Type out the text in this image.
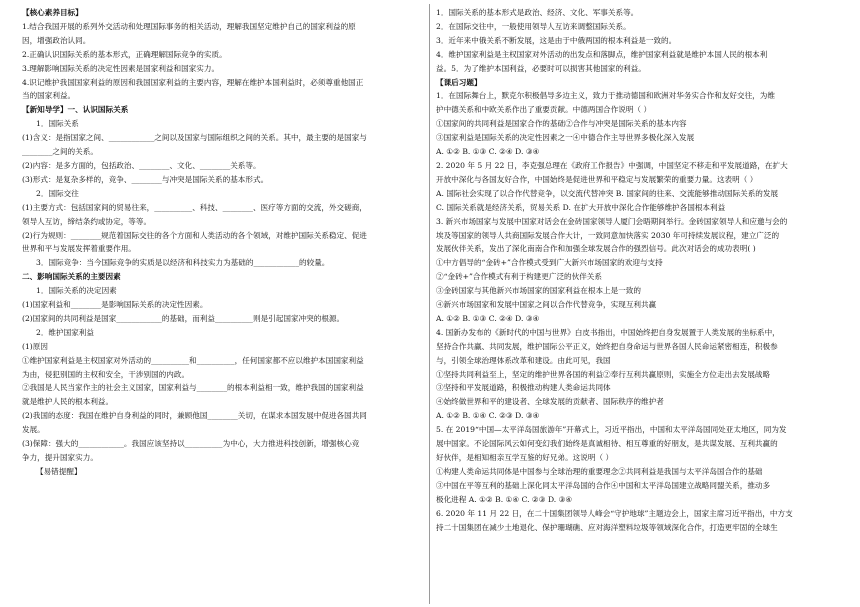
【核心素养目标】
1.结合我国开展的系列外交活动和处理国际事务的相关活动，理解我国坚定维护自己的国家利益的原
因，增强政治认同。
2.正确认识国际关系的基本形式，正确理解国际竞争的实质。
3.理解影响国际关系的决定性因素是国家利益和国家实力。
4.识记维护我国国家利益的原因和我国国家利益的主要内容，理解在维护本国利益时，必须尊重他国正
当的国家利益。
【新知导学】一、认识国际关系
1．国际关系
(1)含义：是指国家之间、____________之间以及国家与国际组织之间的关系。其中，最主要的是国家与
________之间的关系。
(2)内容：是多方面的，包括政治、________、文化、________关系等。
(3)形式：是复杂多样的，竞争、________与冲突是国际关系的基本形式。
2．国际交往
(1)主要方式：包括国家间的贸易往来，__________、科技、________、医疗等方面的交流，外交磋商，
领导人互访，缔结条约或协定，等等。
(2)行为规则：________规范着国际交往的各个方面和人类活动的各个领域，对维护国际关系稳定、促进
世界和平与发展发挥着重要作用。
3．国际竞争：当今国际竞争的实质是以经济和科技实力为基础的____________的较量。
二、影响国际关系的主要因素
1．国际关系的决定因素
(1)国家利益和________是影响国际关系的决定性因素。
(2)国家间的共同利益是国家____________的基础，而利益__________则是引起国家冲突的根源。
2．维护国家利益
(1)原因
①维护国家利益是主权国家对外活动的__________和__________，任何国家都不应以维护本国国家利益
为由，侵犯别国的主权和安全，干涉别国的内政。
②我国是人民当家作主的社会主义国家，国家利益与________的根本利益相一致，维护我国的国家利益
就是维护人民的根本利益。
(2)我国的态度：我国在维护自身利益的同时，兼顾他国________关切，在谋求本国发展中促进各国共同
发展。
(3)保障：强大的____________。我国应该坚持以__________为中心，大力推进科技创新，增强核心竞
争力，提升国家实力。
【易错提醒】
1．国际关系的基本形式是政治、经济、文化、军事关系等。
2．在国际交往中，一般使用领导人互访来调整国际关系。
3．近年来中俄关系不断发展，这是由于中俄两国的根本利益是一致的。
4．维护国家利益是主权国家对外活动的出发点和落脚点，维护国家利益就是维护本国人民的根本利
益。5．为了维护本国利益，必要时可以损害其他国家的利益。
【课后习题】
1．在国际舞台上，默克尔积极倡导多边主义，致力于推动德国和欧洲对华务实合作和友好交往，为维
护中德关系和中欧关系作出了重要贡献。中德两国合作说明（ ）
①国家间的共同利益是国家合作的基础②合作与冲突是国际关系的基本内容
③国家利益是国际关系的决定性因素之一④中德合作主导世界多极化深入发展
A. ①② B. ①③ C. ②④ D. ③④
2. 2020 年 5 月 22 日，李克强总理在《政府工作报告》中强调，中国坚定不移走和平发展道路，在扩大
开放中深化与各国友好合作，中国始终是促进世界和平稳定与发展繁荣的重要力量。这表明（ ）
A. 国际社会实现了以合作代替竞争，以交流代替冲突 B. 国家间的往来、交流能够推动国际关系的发展
C. 国际关系就是经济关系，贸易关系 D. 在扩大开放中深化合作能够维护各国根本利益
3. 新兴市场国家与发展中国家对话会在金砖国家领导人厦门会晤期间举行。金砖国家领导人和应邀与会的
埃及等国家的领导人共商国际发展合作大计，一致同意加快落实 2030 年可持续发展议程，建立广泛的
发展伙伴关系，发出了深化南南合作和加强全球发展合作的强烈信号。此次对话会的成功表明( )
①中方倡导的“金砖+”合作模式受到广大新兴市场国家的欢迎与支持
②“金砖+”合作模式有利于构建更广泛的伙伴关系
③金砖国家与其他新兴市场国家的国家利益在根本上是一致的
④新兴市场国家和发展中国家之间以合作代替竞争，实现互利共赢
A. ①② B. ①③ C. ②④ D. ③④
4. 国新办发布的《新时代的中国与世界》白皮书指出，中国始终把自身发展置于人类发展的坐标系中，
坚持合作共赢、共同发展，维护国际公平正义，始终把自身命运与世界各国人民命运紧密相连，积极参
与，引领全球治理体系改革和建设。由此可见，我国
①坚持共同利益至上，坚定的维护世界各国的利益②奉行互利共赢原则，实施全方位走出去发展战略
③坚持和平发展道路，积极推动构建人类命运共同体
④始终做世界和平的建设者、全球发展的贡献者、国际秩序的维护者
A. ①② B. ①④ C. ②③ D. ③④
5. 在 2019“中国—太平洋岛国旅游年”开幕式上，习近平指出，中国和太平洋岛国同处亚太地区，同为发
展中国家。不论国际风云如何变幻我们始终是真诚相待、相互尊重的好朋友，是共谋发展、互利共赢的
好伙伴，是相知相亲互学互鉴的好兄弟。这说明（ ）
①构建人类命运共同体是中国参与全球治理的重要理念②共同利益是我国与太平洋岛国合作的基础
③中国在平等互利的基础上深化同太平洋岛国的合作④中国和太平洋岛国建立战略同盟关系，推动多
极化进程 A. ①② B. ①④ C. ②③ D. ③④
6. 2020 年 11 月 22 日，在二十国集团领导人峰会“守护地球”主题边会上，国家主席习近平指出，中方支
持二十国集团在减少土地退化、保护珊瑚礁、应对海洋塑料垃圾等领域深化合作，打造更牢固的全球生
